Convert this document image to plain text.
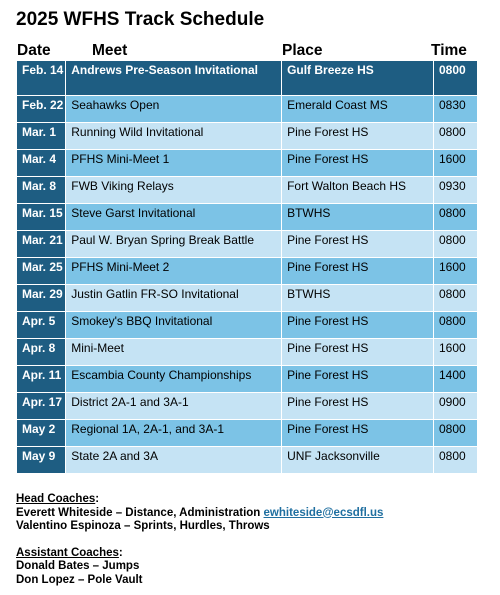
2025 WFHS Track Schedule
Date	Meet	Place	Time
Feb. 14	Andrews Pre-Season Invitational	Gulf Breeze HS	0800
Feb. 22	Seahawks Open	Emerald Coast MS	0830
Mar. 1	Running Wild Invitational	Pine Forest HS	0800
Mar. 4	PFHS Mini-Meet 1	Pine Forest HS	1600
Mar. 8	FWB Viking Relays	Fort Walton Beach HS	0930
Mar. 15	Steve Garst Invitational	BTWHS	0800
Mar. 21	Paul W. Bryan Spring Break Battle	Pine Forest HS	0800
Mar. 25	PFHS Mini-Meet 2	Pine Forest HS	1600
Mar. 29	Justin Gatlin FR-SO Invitational	BTWHS	0800
Apr. 5	Smokey's BBQ Invitational	Pine Forest HS	0800
Apr. 8	Mini-Meet	Pine Forest HS	1600
Apr. 11	Escambia County Championships	Pine Forest HS	1400
Apr. 17	District 2A-1 and 3A-1	Pine Forest HS	0900
May 2	Regional 1A, 2A-1, and 3A-1	Pine Forest HS	0800
May 9	State 2A and 3A	UNF Jacksonville	0800
Head Coaches:
Everett Whiteside – Distance, Administration ewhiteside@ecsdfl.us
Valentino Espinoza – Sprints, Hurdles, Throws
Assistant Coaches:
Donald Bates – Jumps
Don Lopez – Pole Vault
